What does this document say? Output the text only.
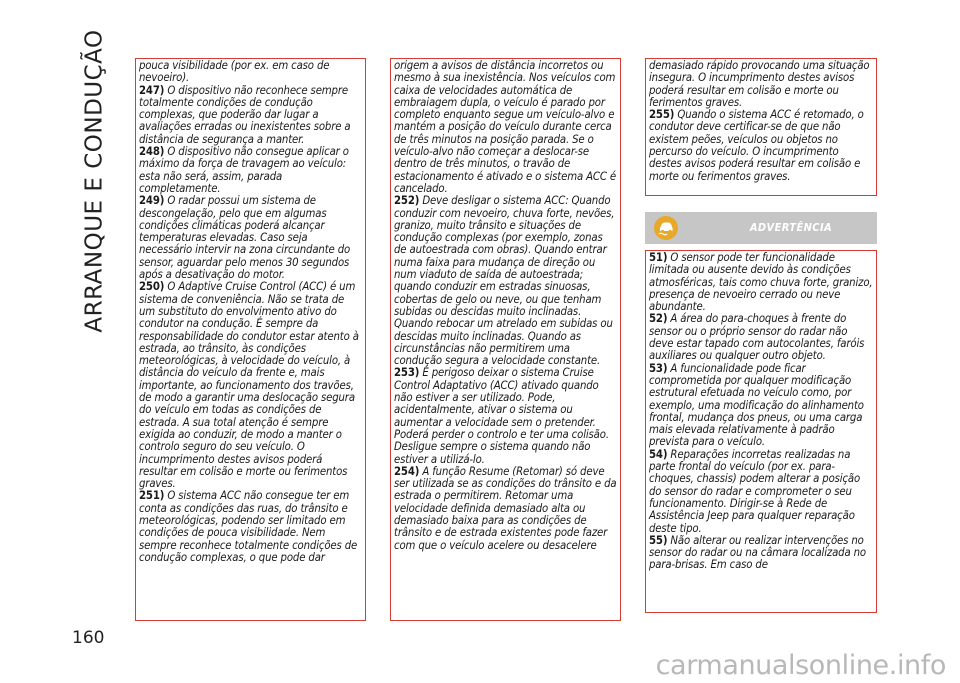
ARRANQUE E CONDUÇÃO	pouca visibilidade (por ex. em caso de nevoeiro).

247) O dispositivo não reconhece sempre totalmente condições de condução complexas, que poderão dar lugar a avaliações erradas ou inexistentes sobre a distância de segurança a manter.

248) O dispositivo não consegue aplicar o máximo da força de travagem ao veículo: esta não será, assim, parada completamente.

249) O radar possui um sistema de descongelação, pelo que em algumas condições climáticas poderá alcançar temperaturas elevadas. Caso seja necessário intervir na zona circundante do sensor, aguardar pelo menos 30 segundos após a desativação do motor.

250) O Adaptive Cruise Control (ACC) é um sistema de conveniência. Não se trata de um substituto do envolvimento ativo do condutor na condução. É sempre da responsabilidade do condutor estar atento à estrada, ao trânsito, às condições meteorológicas, à velocidade do veículo, à distância do veículo da frente e, mais importante, ao funcionamento dos travões, de modo a garantir uma deslocação segura do veículo em todas as condições de estrada. A sua total atenção é sempre exigida ao conduzir, de modo a manter o controlo seguro do seu veículo. O incumprimento destes avisos poderá resultar em colisão e morte ou ferimentos graves.

251) O sistema ACC não consegue ter em conta as condições das ruas, do trânsito e meteorológicas, podendo ser limitado em condições de pouca visibilidade. Nem sempre reconhece totalmente condições de condução complexas, o que pode dar

origem a avisos de distância incorretos ou mesmo à sua inexistência. Nos veículos com caixa de velocidades automática de embraiagem dupla, o veículo é parado por completo enquanto segue um veículo-alvo e mantém a posição do veículo durante cerca de três minutos na posição parada. Se o veículo-alvo não começar a deslocar-se dentro de três minutos, o travão de estacionamento é ativado e o sistema ACC é cancelado.

252) Deve desligar o sistema ACC: Quando conduzir com nevoeiro, chuva forte, nevões, granizo, muito trânsito e situações de condução complexas (por exemplo, zonas de autoestrada com obras). Quando entrar numa faixa para mudança de direção ou num viaduto de saída de autoestrada; quando conduzir em estradas sinuosas, cobertas de gelo ou neve, ou que tenham subidas ou descidas muito inclinadas. Quando rebocar um atrelado em subidas ou descidas muito inclinadas. Quando as circunstâncias não permitirem uma condução segura a velocidade constante.

253) É perigoso deixar o sistema Cruise Control Adaptativo (ACC) ativado quando não estiver a ser utilizado. Pode, acidentalmente, ativar o sistema ou aumentar a velocidade sem o pretender. Poderá perder o controlo e ter uma colisão. Desligue sempre o sistema quando não estiver a utilizá-lo.

254) A função Resume (Retomar) só deve ser utilizada se as condições do trânsito e da estrada o permitirem. Retomar uma velocidade definida demasiado alta ou demasiado baixa para as condições de trânsito e de estrada existentes pode fazer com que o veículo acelere ou desacelere

demasiado rápido provocando uma situação insegura. O incumprimento destes avisos poderá resultar em colisão e morte ou ferimentos graves.

255) Quando o sistema ACC é retomado, o condutor deve certificar-se de que não existem peões, veículos ou objetos no percurso do veículo. O incumprimento destes avisos poderá resultar em colisão e morte ou ferimentos graves.

ADVERTÊNCIA

51) O sensor pode ter funcionalidade limitada ou ausente devido às condições atmosféricas, tais como chuva forte, granizo, presença de nevoeiro cerrado ou neve abundante.

52) A área do para-choques à frente do sensor ou o próprio sensor do radar não deve estar tapado com autocolantes, faróis auxiliares ou qualquer outro objeto.

53) A funcionalidade pode ficar comprometida por qualquer modificação estrutural efetuada no veículo como, por exemplo, uma modificação do alinhamento frontal, mudança dos pneus, ou uma carga mais elevada relativamente à padrão prevista para o veículo.

54) Reparações incorretas realizadas na parte frontal do veículo (por ex. para-choques, chassis) podem alterar a posição do sensor do radar e comprometer o seu funcionamento. Dirigir-se à Rede de Assistência Jeep para qualquer reparação deste tipo.

55) Não alterar ou realizar intervenções no sensor do radar ou na câmara localizada no para-brisas. Em caso de

160
carmanualsonline.info
